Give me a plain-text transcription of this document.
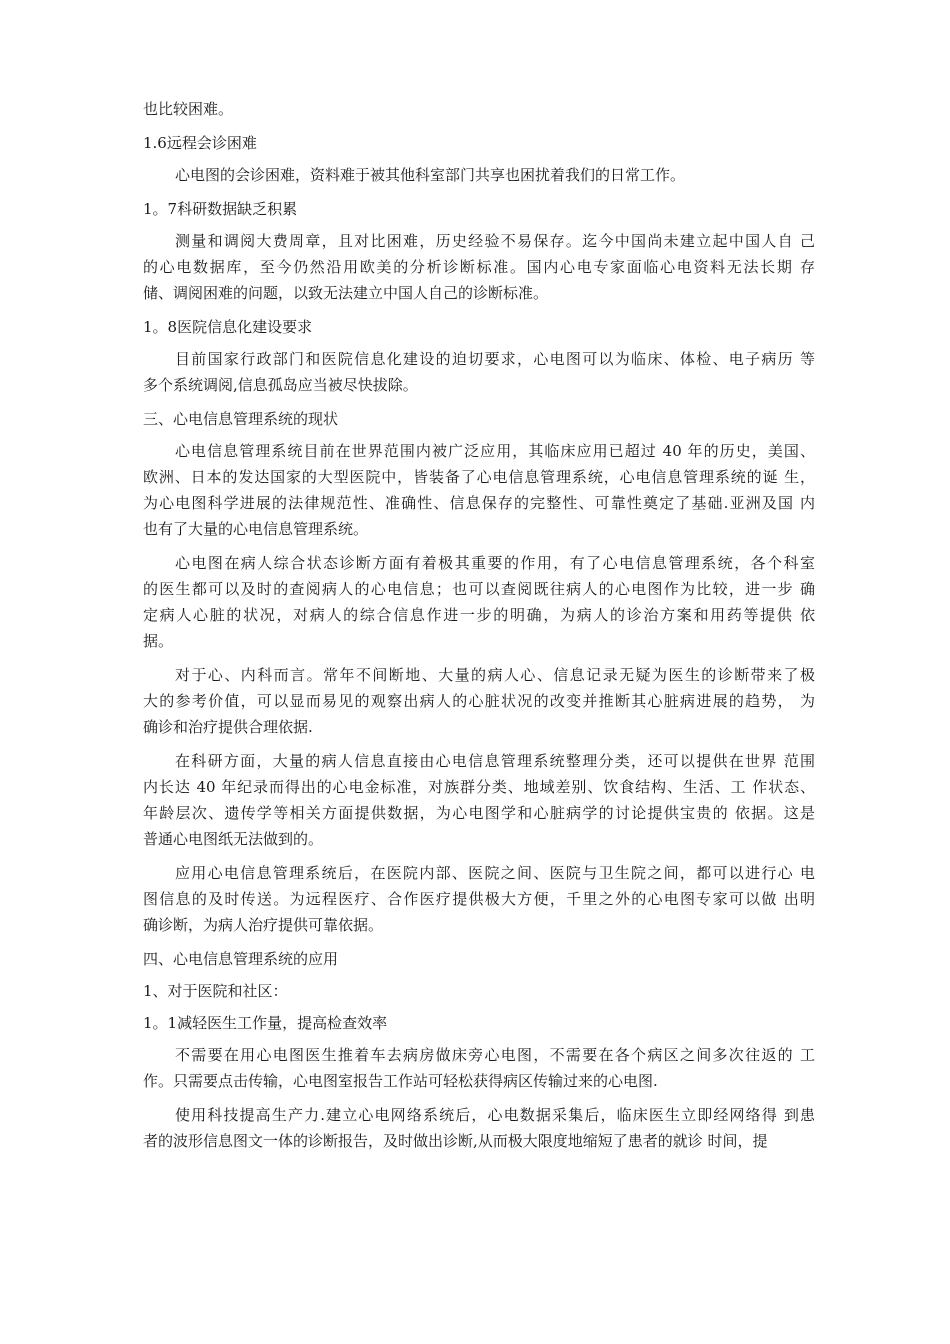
也比较困难。
1.6远程会诊困难
心电图的会诊困难，资料难于被其他科室部门共享也困扰着我们的日常工作。
1。7科研数据缺乏积累
测量和调阅大费周章，且对比困难，历史经验不易保存。迄今中国尚未建立起中国人自 己
的心电数据库，至今仍然沿用欧美的分析诊断标准。国内心电专家面临心电资料无法长期 存
储、调阅困难的问题，以致无法建立中国人自己的诊断标准。
1。8医院信息化建设要求
目前国家行政部门和医院信息化建设的迫切要求，心电图可以为临床、体检、电子病历 等
多个系统调阅,信息孤岛应当被尽快拔除。
三、心电信息管理系统的现状
心电信息管理系统目前在世界范围内被广泛应用，其临床应用已超过 40 年的历史，美国、
欧洲、日本的发达国家的大型医院中，皆装备了心电信息管理系统，心电信息管理系统的诞 生，
为心电图科学进展的法律规范性、准确性、信息保存的完整性、可靠性奠定了基础.亚洲及国 内
也有了大量的心电信息管理系统。
心电图在病人综合状态诊断方面有着极其重要的作用，有了心电信息管理系统，各个科室
的医生都可以及时的查阅病人的心电信息；也可以查阅既往病人的心电图作为比较，进一步 确
定病人心脏的状况，对病人的综合信息作进一步的明确，为病人的诊治方案和用药等提供 依
据。
对于心、内科而言。常年不间断地、大量的病人心、信息记录无疑为医生的诊断带来了极
大的参考价值，可以显而易见的观察出病人的心脏状况的改变并推断其心脏病进展的趋势， 为
确诊和治疗提供合理依据.
在科研方面，大量的病人信息直接由心电信息管理系统整理分类，还可以提供在世界 范围
内长达 40 年纪录而得出的心电金标准，对族群分类、地域差别、饮食结构、生活、工 作状态、
年龄层次、遗传学等相关方面提供数据，为心电图学和心脏病学的讨论提供宝贵的 依据。这是
普通心电图纸无法做到的。
应用心电信息管理系统后，在医院内部、医院之间、医院与卫生院之间，都可以进行心 电
图信息的及时传送。为远程医疗、合作医疗提供极大方便，千里之外的心电图专家可以做 出明
确诊断，为病人治疗提供可靠依据。
四、心电信息管理系统的应用
1、对于医院和社区：
1。1减轻医生工作量，提高检查效率
不需要在用心电图医生推着车去病房做床旁心电图，不需要在各个病区之间多次往返的 工
作。只需要点击传输，心电图室报告工作站可轻松获得病区传输过来的心电图.
使用科技提高生产力.建立心电网络系统后，心电数据采集后，临床医生立即经网络得 到患
者的波形信息图文一体的诊断报告，及时做出诊断,从而极大限度地缩短了患者的就诊 时间，提
